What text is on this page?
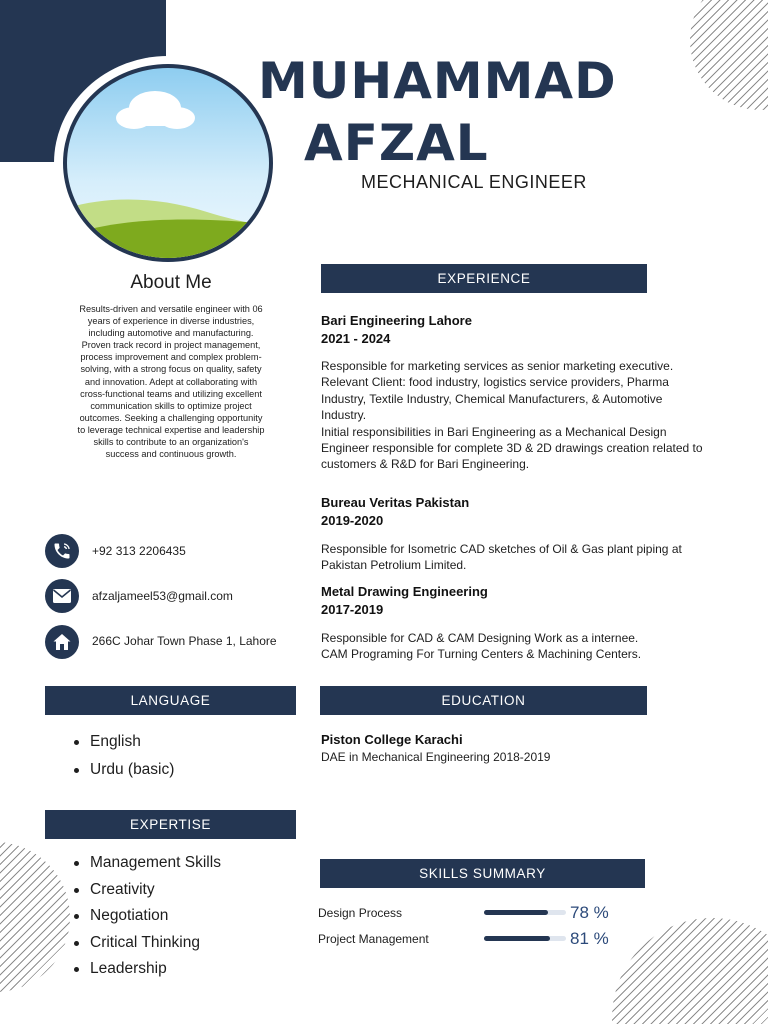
MUHAMMAD
AFZAL
MECHANICAL ENGINEER
About Me
Results-driven and versatile engineer with 06 years of experience in diverse industries, including automotive and manufacturing. Proven track record in project management, process improvement and complex problem-solving, with a strong focus on quality, safety and innovation. Adept at collaborating with cross-functional teams and utilizing excellent communication skills to optimize project outcomes. Seeking a challenging opportunity to leverage technical expertise and leadership skills to contribute to an organization's success and continuous growth.
+92 313 2206435
afzaljameel53@gmail.com
266C Johar Town Phase 1, Lahore
EXPERIENCE
Bari Engineering Lahore
2021 - 2024
Responsible for marketing services as senior marketing executive.
Relevant Client: food industry, logistics service providers, Pharma Industry, Textile Industry, Chemical Manufacturers, & Automotive Industry.
Initial responsibilities in Bari Engineering as a Mechanical Design Engineer responsible for complete 3D & 2D drawings creation related to customers & R&D for Bari Engineering.
Bureau Veritas Pakistan
2019-2020
Responsible for Isometric CAD sketches of Oil & Gas plant piping at Pakistan Petrolium Limited.
Metal Drawing Engineering
2017-2019
Responsible for CAD & CAM Designing Work as a internee.
CAM Programing For Turning Centers & Machining Centers.
LANGUAGE
English
Urdu (basic)
EDUCATION
Piston College Karachi
DAE in Mechanical Engineering 2018-2019
EXPERTISE
Management Skills
Creativity
Negotiation
Critical Thinking
Leadership
SKILLS SUMMARY
Design Process	78 %
Project Management	81 %
